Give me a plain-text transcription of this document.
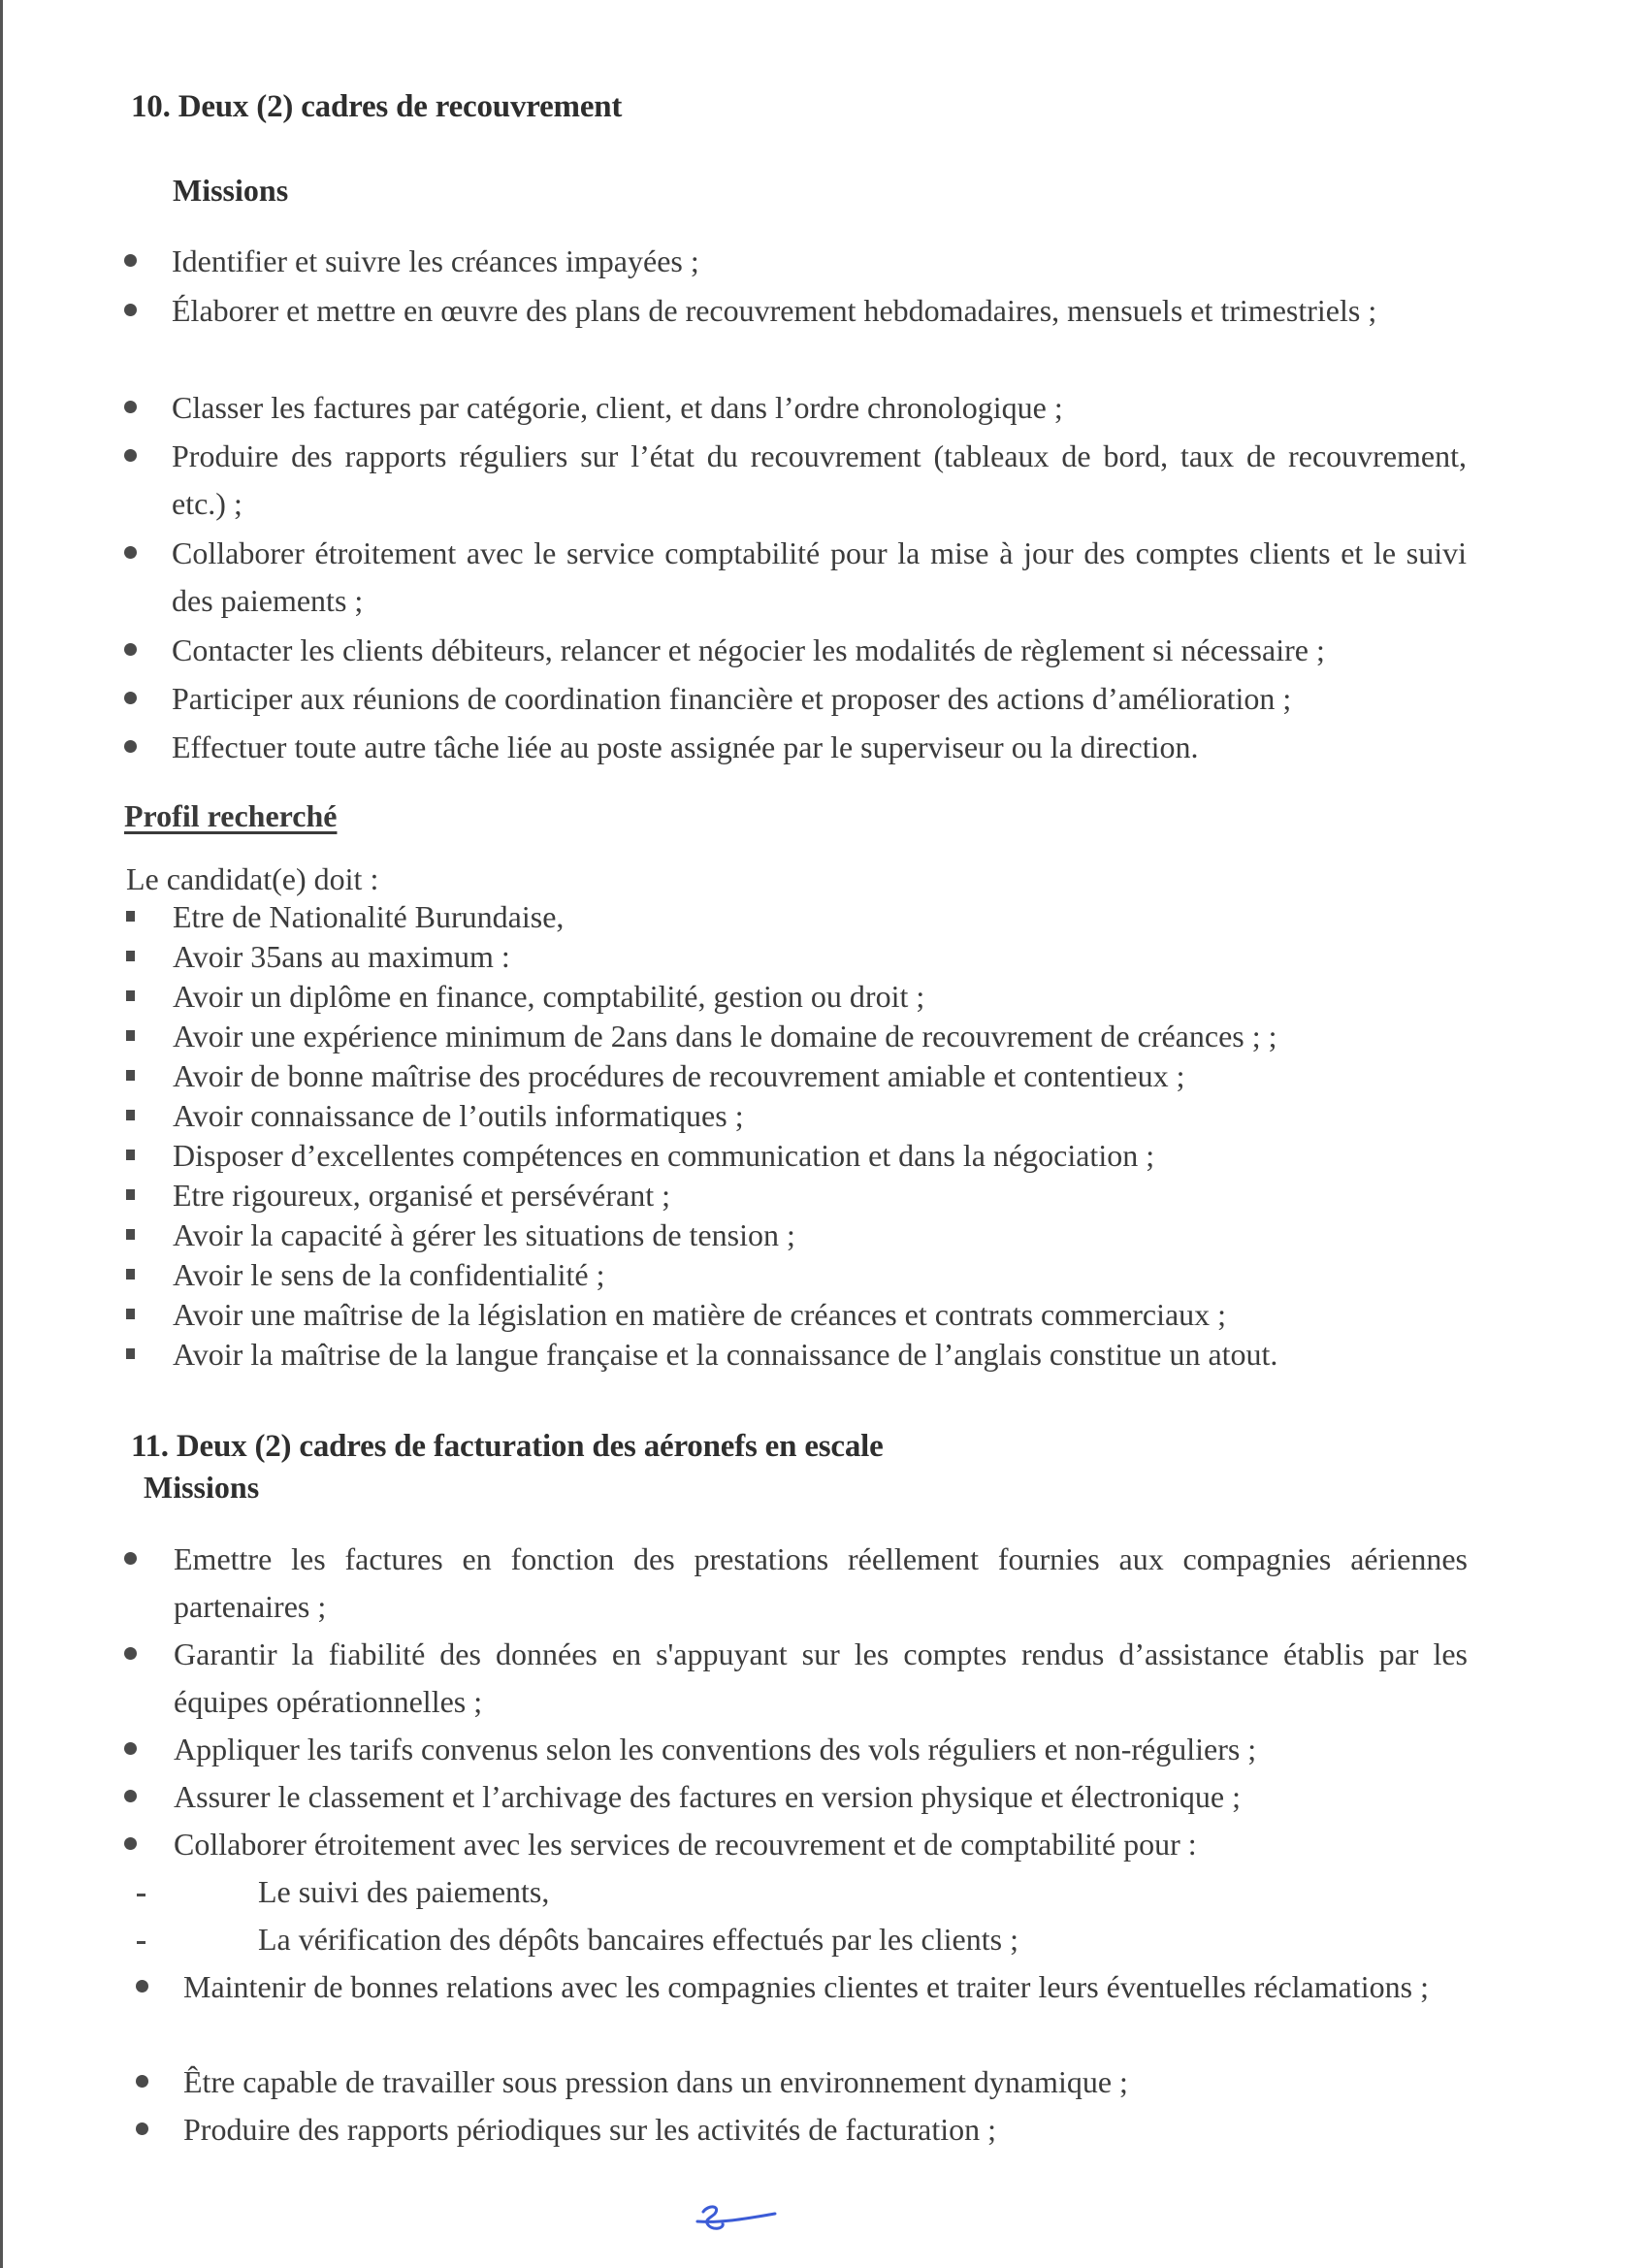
10. Deux (2) cadres de recouvrement
Missions
Identifier et suivre les créances impayées ;
Élaborer et mettre en œuvre des plans de recouvrement hebdomadaires, mensuels et trimestriels ;
Classer les factures par catégorie, client, et dans l’ordre chronologique ;
Produire des rapports réguliers sur l’état du recouvrement (tableaux de bord, taux de recouvrement, etc.) ;
Collaborer étroitement avec le service comptabilité pour la mise à jour des comptes clients et le suivi des paiements ;
Contacter les clients débiteurs, relancer et négocier les modalités de règlement si nécessaire ;
Participer aux réunions de coordination financière et proposer des actions d’amélioration ;
Effectuer toute autre tâche liée au poste assignée par le superviseur ou la direction.
Profil recherché
Le candidat(e) doit :
Etre de Nationalité Burundaise,
Avoir 35ans au maximum :
Avoir un diplôme en finance, comptabilité, gestion ou droit ;
Avoir une expérience minimum de 2ans dans le domaine de recouvrement de créances ; ;
Avoir de bonne maîtrise des procédures de recouvrement amiable et contentieux ;
Avoir connaissance de l’outils informatiques ;
Disposer d’excellentes compétences en communication et dans la négociation ;
Etre rigoureux, organisé et persévérant ;
Avoir la capacité à gérer les situations de tension ;
Avoir le sens de la confidentialité ;
Avoir une maîtrise de la législation en matière de créances et contrats commerciaux ;
Avoir la maîtrise de la langue française et la connaissance de l’anglais constitue un atout.
11. Deux (2) cadres de facturation des aéronefs en escale
Missions
Emettre les factures en fonction des prestations réellement fournies aux compagnies aériennes partenaires ;
Garantir la fiabilité des données en s'appuyant sur les comptes rendus d’assistance établis par les équipes opérationnelles ;
Appliquer les tarifs convenus selon les conventions des vols réguliers et non-réguliers ;
Assurer le classement et l’archivage des factures en version physique et électronique ;
Collaborer étroitement avec les services de recouvrement et de comptabilité pour :
Le suivi des paiements,
La vérification des dépôts bancaires effectués par les clients ;
Maintenir de bonnes relations avec les compagnies clientes et traiter leurs éventuelles réclamations ;
Être capable de travailler sous pression dans un environnement dynamique ;
Produire des rapports périodiques sur les activités de facturation ;
